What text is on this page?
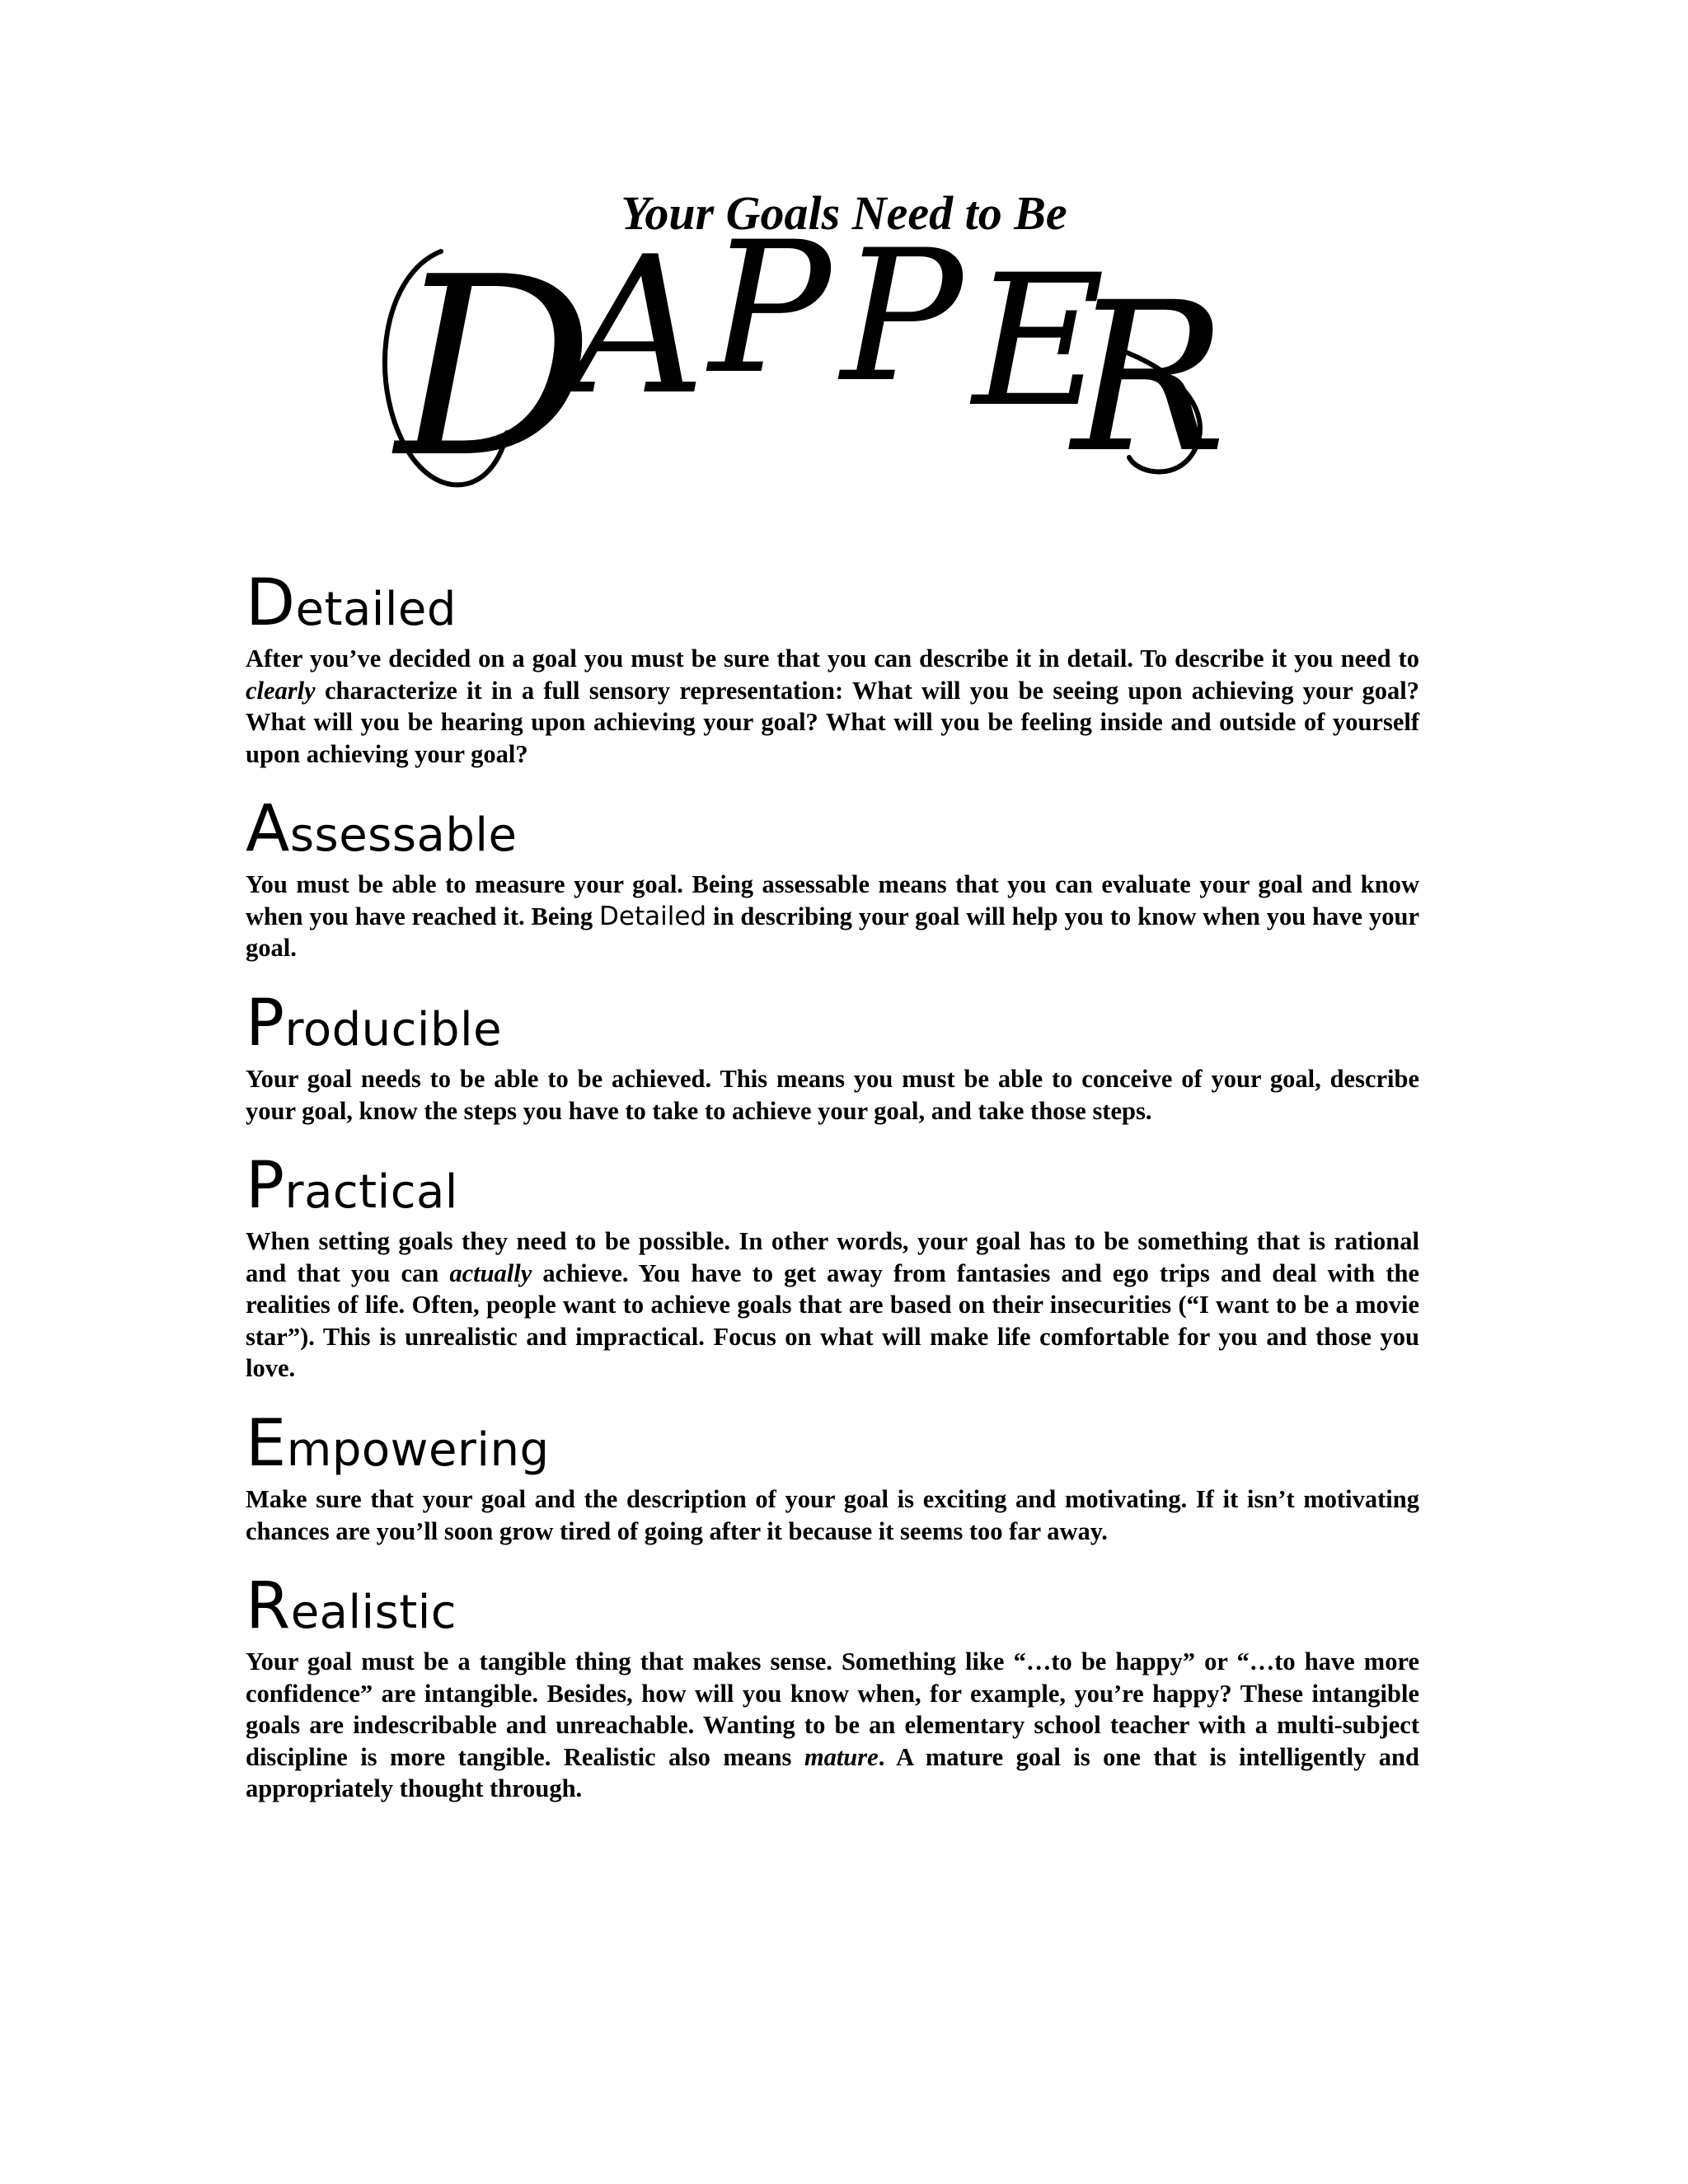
Your Goals Need to Be
D
A P P E
R
Detailed

After you’ve decided on a goal you must be sure that you can describe it in detail. To describe it you need to clearly characterize it in a full sensory representation: What will you be seeing upon achieving your goal? What will you be hearing upon achieving your goal? What will you be feeling inside and outside of yourself upon achieving your goal?

Assessable

You must be able to measure your goal. Being assessable means that you can evaluate your goal and know when you have reached it. Being Detailed in describing your goal will help you to know when you have your goal.

Producible

Your goal needs to be able to be achieved. This means you must be able to conceive of your goal, describe your goal, know the steps you have to take to achieve your goal, and take those steps.

Practical

When setting goals they need to be possible. In other words, your goal has to be something that is rational and that you can actually achieve. You have to get away from fantasies and ego trips and deal with the realities of life. Often, people want to achieve goals that are based on their insecurities (“I want to be a movie star”). This is unrealistic and impractical. Focus on what will make life comfortable for you and those you love.

Empowering

Make sure that your goal and the description of your goal is exciting and motivating. If it isn’t motivating chances are you’ll soon grow tired of going after it because it seems too far away.

Realistic

Your goal must be a tangible thing that makes sense. Something like “…to be happy” or “…to have more confidence” are intangible. Besides, how will you know when, for example, you’re happy? These intangible goals are indescribable and unreachable. Wanting to be an elementary school teacher with a multi-subject discipline is more tangible. Realistic also means mature. A mature goal is one that is intelligently and appropriately thought through.
